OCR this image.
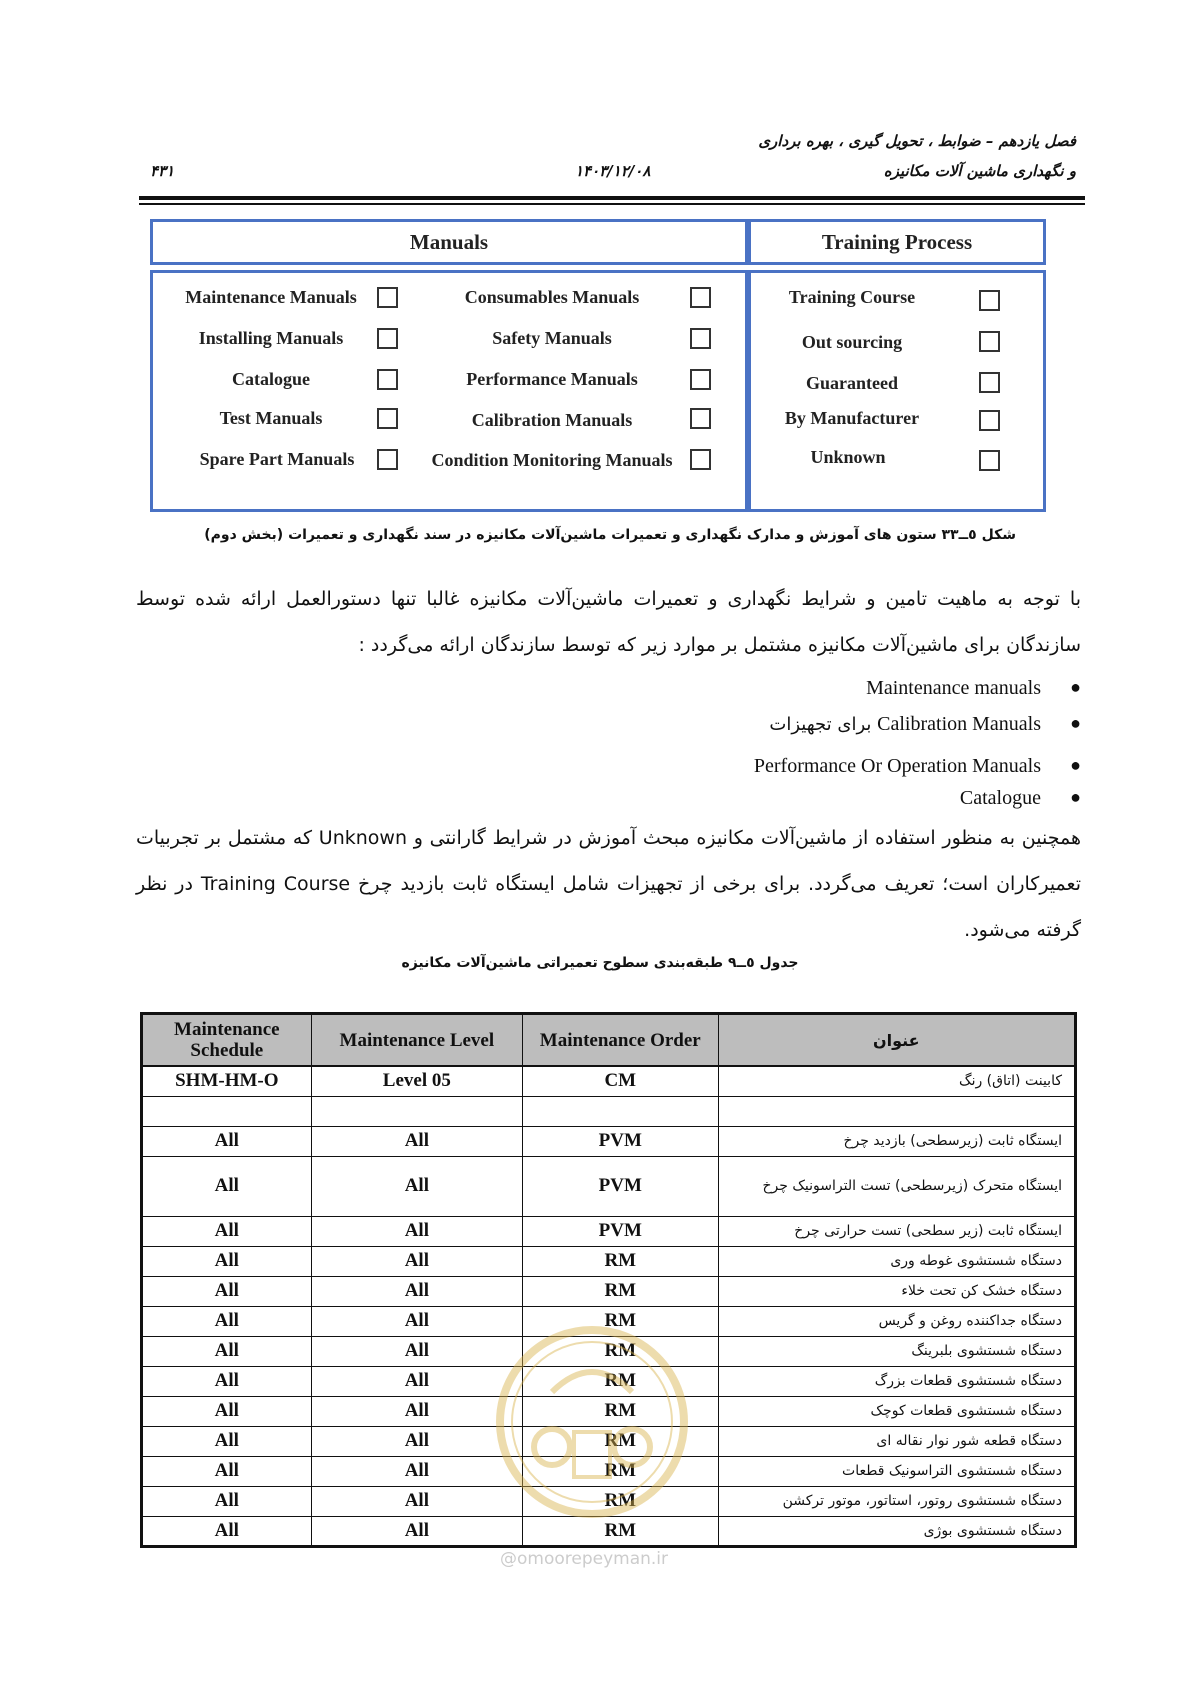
فصل یازدهم – ضوابط ، تحویل گیری ، بهره برداری
و نگهداری ماشین آلات مکانیزه
۱۴۰۳/۱۲/۰۸
۴۳۱
Manuals	Training Process
Maintenance Manuals
Installing Manuals
Catalogue
Test Manuals
Spare Part Manuals
Consumables Manuals
Safety Manuals
Performance Manuals
Calibration Manuals
Condition Monitoring Manuals
Training Course
Out sourcing
Guaranteed
By Manufacturer
Unknown
شکل ٥ــ۳۳ ستون های آموزش و مدارک نگهداری و تعمیرات ماشین‌آلات مکانیزه در سند نگهداری و تعمیرات (بخش دوم)
با توجه به ماهیت تامین و شرایط نگهداری و تعمیرات ماشین‌آلات مکانیزه غالبا تنها دستورالعمل ارائه شده توسط سازندگان برای ماشین‌آلات مکانیزه مشتمل بر موارد زیر که توسط سازندگان ارائه می‌گردد :
●
Maintenance manuals
●
Calibration Manuals برای تجهیزات
●
Performance Or Operation Manuals
●
Catalogue
همچنین به منظور استفاده از ماشین‌آلات مکانیزه مبحث آموزش در شرایط گارانتی و Unknown که مشتمل بر تجربیات تعمیرکاران است؛ تعریف می‌گردد. برای برخی از تجهیزات شامل ایستگاه ثابت بازدید چرخ Training Course در نظر گرفته می‌شود.
جدول ٥ــ۹ طبقه‌بندی سطوح تعمیراتی ماشین‌آلات مکانیزه
Maintenance Schedule	Maintenance Level	Maintenance Order	عنوان
SHM-HM-O	Level 05	CM	کابینت (اتاق) رنگ

All	All	PVM	ایستگاه ثابت (زیرسطحی) بازدید چرخ
All	All	PVM	ایستگاه متحرک (زیرسطحی) تست التراسونیک چرخ
All	All	PVM	ایستگاه ثابت (زیر سطحی) تست حرارتی چرخ
All	All	RM	دستگاه شستشوی غوطه وری
All	All	RM	دستگاه خشک کن تحت خلاء
All	All	RM	دستگاه جداکننده روغن و گریس
All	All	RM	دستگاه شستشوی بلبرینگ
All	All	RM	دستگاه شستشوی قطعات بزرگ
All	All	RM	دستگاه شستشوی قطعات کوچک
All	All	RM	دستگاه قطعه شور نوار نقاله ای
All	All	RM	دستگاه شستشوی التراسونیک قطعات
All	All	RM	دستگاه شستشوی روتور، استاتور، موتور ترکشن
All	All	RM	دستگاه شستشوی بوژی
@omoorepeyman.ir
